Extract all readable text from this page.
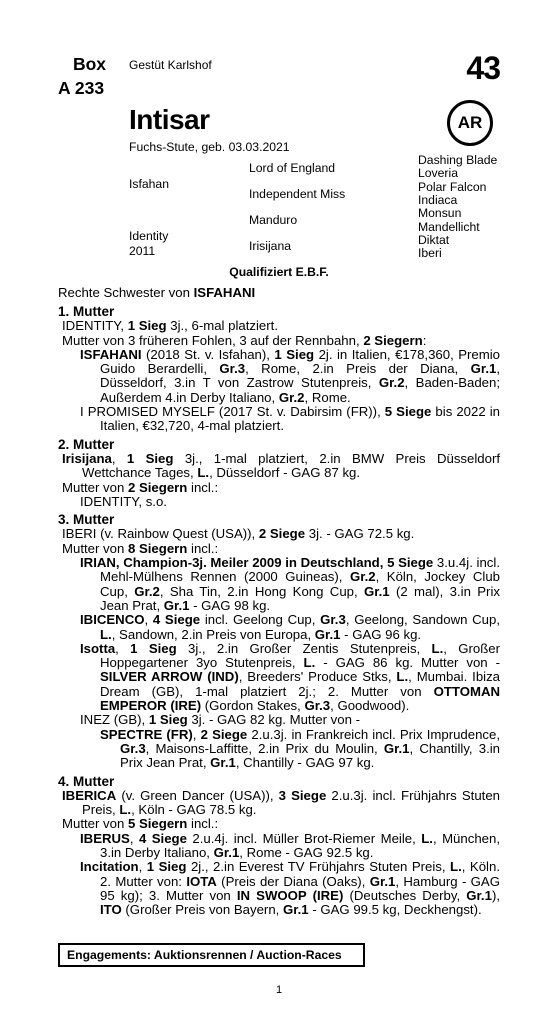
Box
A 233
Gestüt Karlshof	43
AR
Intisar
Fuchs-Stute, geb. 03.03.2021
Isfahan
Identity
2011
Lord of England
Independent Miss
Manduro
Irisijana
Dashing Blade
Loveria
Polar Falcon
Indiaca
Monsun
Mandellicht
Diktat
Iberi
Qualifiziert E.B.F.
Rechte Schwester von ISFAHANI
1. Mutter
IDENTITY, 1 Sieg 3j., 6-mal platziert.
Mutter von 3 früheren Fohlen, 3 auf der Rennbahn, 2 Siegern:
ISFAHANI (2018 St. v. Isfahan), 1 Sieg 2j. in Italien, €178,360, Premio Guido Berardelli, Gr.3, Rome, 2.in Preis der Diana, Gr.1, Düsseldorf, 3.in T von Zastrow Stutenpreis, Gr.2, Baden-Baden; Außerdem 4.in Derby Italiano, Gr.2, Rome.
I PROMISED MYSELF (2017 St. v. Dabirsim (FR)), 5 Siege bis 2022 in Italien, €32,720, 4-mal platziert.
2. Mutter
Irisijana, 1 Sieg 3j., 1-mal platziert, 2.in BMW Preis Düsseldorf Wettchance Tages, L., Düsseldorf - GAG 87 kg.
Mutter von 2 Siegern incl.:
IDENTITY, s.o.
3. Mutter
IBERI (v. Rainbow Quest (USA)), 2 Siege 3j. - GAG 72.5 kg.
Mutter von 8 Siegern incl.:
IRIAN, Champion-3j. Meiler 2009 in Deutschland, 5 Siege 3.u.4j. incl. Mehl-Mülhens Rennen (2000 Guineas), Gr.2, Köln, Jockey Club Cup, Gr.2, Sha Tin, 2.in Hong Kong Cup, Gr.1 (2 mal), 3.in Prix Jean Prat, Gr.1 - GAG 98 kg.
IBICENCO, 4 Siege incl. Geelong Cup, Gr.3, Geelong, Sandown Cup, L., Sandown, 2.in Preis von Europa, Gr.1 - GAG 96 kg.
Isotta, 1 Sieg 3j., 2.in Großer Zentis Stutenpreis, L., Großer Hoppegartener 3yo Stutenpreis, L. - GAG 86 kg. Mutter von - SILVER ARROW (IND), Breeders' Produce Stks, L., Mumbai. Ibiza Dream (GB), 1-mal platziert 2j.; 2. Mutter von OTTOMAN EMPEROR (IRE) (Gordon Stakes, Gr.3, Goodwood).
INEZ (GB), 1 Sieg 3j. - GAG 82 kg. Mutter von -
SPECTRE (FR), 2 Siege 2.u.3j. in Frankreich incl. Prix Imprudence, Gr.3, Maisons-Laffitte, 2.in Prix du Moulin, Gr.1, Chantilly, 3.in Prix Jean Prat, Gr.1, Chantilly - GAG 97 kg.
4. Mutter
IBERICA (v. Green Dancer (USA)), 3 Siege 2.u.3j. incl. Frühjahrs Stuten Preis, L., Köln - GAG 78.5 kg.
Mutter von 5 Siegern incl.:
IBERUS, 4 Siege 2.u.4j. incl. Müller Brot-Riemer Meile, L., München, 3.in Derby Italiano, Gr.1, Rome - GAG 92.5 kg.
Incitation, 1 Sieg 2j., 2.in Everest TV Frühjahrs Stuten Preis, L., Köln. 2. Mutter von: IOTA (Preis der Diana (Oaks), Gr.1, Hamburg - GAG 95 kg); 3. Mutter von IN SWOOP (IRE) (Deutsches Derby, Gr.1), ITO (Großer Preis von Bayern, Gr.1 - GAG 99.5 kg, Deckhengst).
Engagements: Auktionsrennen / Auction-Races
1
